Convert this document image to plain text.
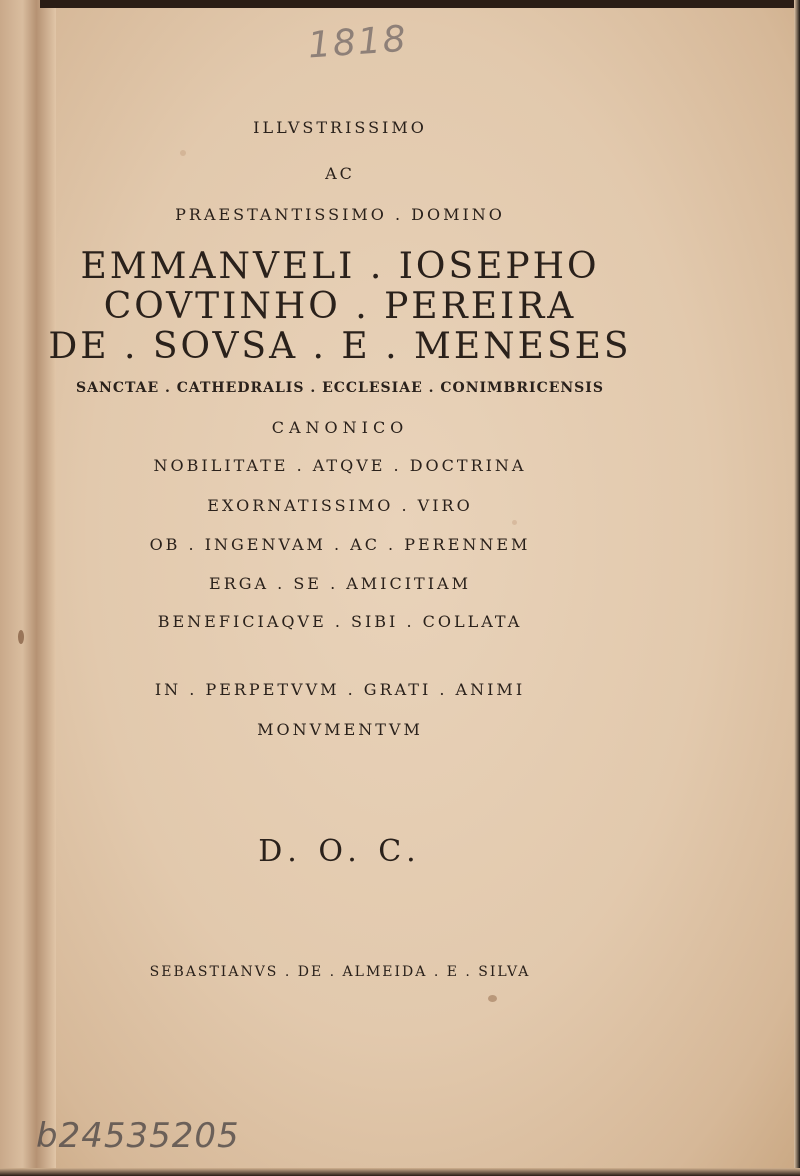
1818
ILLVSTRISSIMO
AC
PRAESTANTISSIMO . DOMINO
EMMANVELI . IOSEPHO
COVTINHO . PEREIRA
DE . SOVSA . E . MENESES
SANCTAE . CATHEDRALIS . ECCLESIAE . CONIMBRICENSIS
CANONICO
NOBILITATE . ATQVE . DOCTRINA
EXORNATISSIMO . VIRO
OB . INGENVAM . AC . PERENNEM
ERGA . SE . AMICITIAM
BENEFICIAQVE . SIBI . COLLATA
IN . PERPETVVM . GRATI . ANIMI
MONVMENTVM
D. O. C.
SEBASTIANVS . DE . ALMEIDA . E . SILVA
b24535205
